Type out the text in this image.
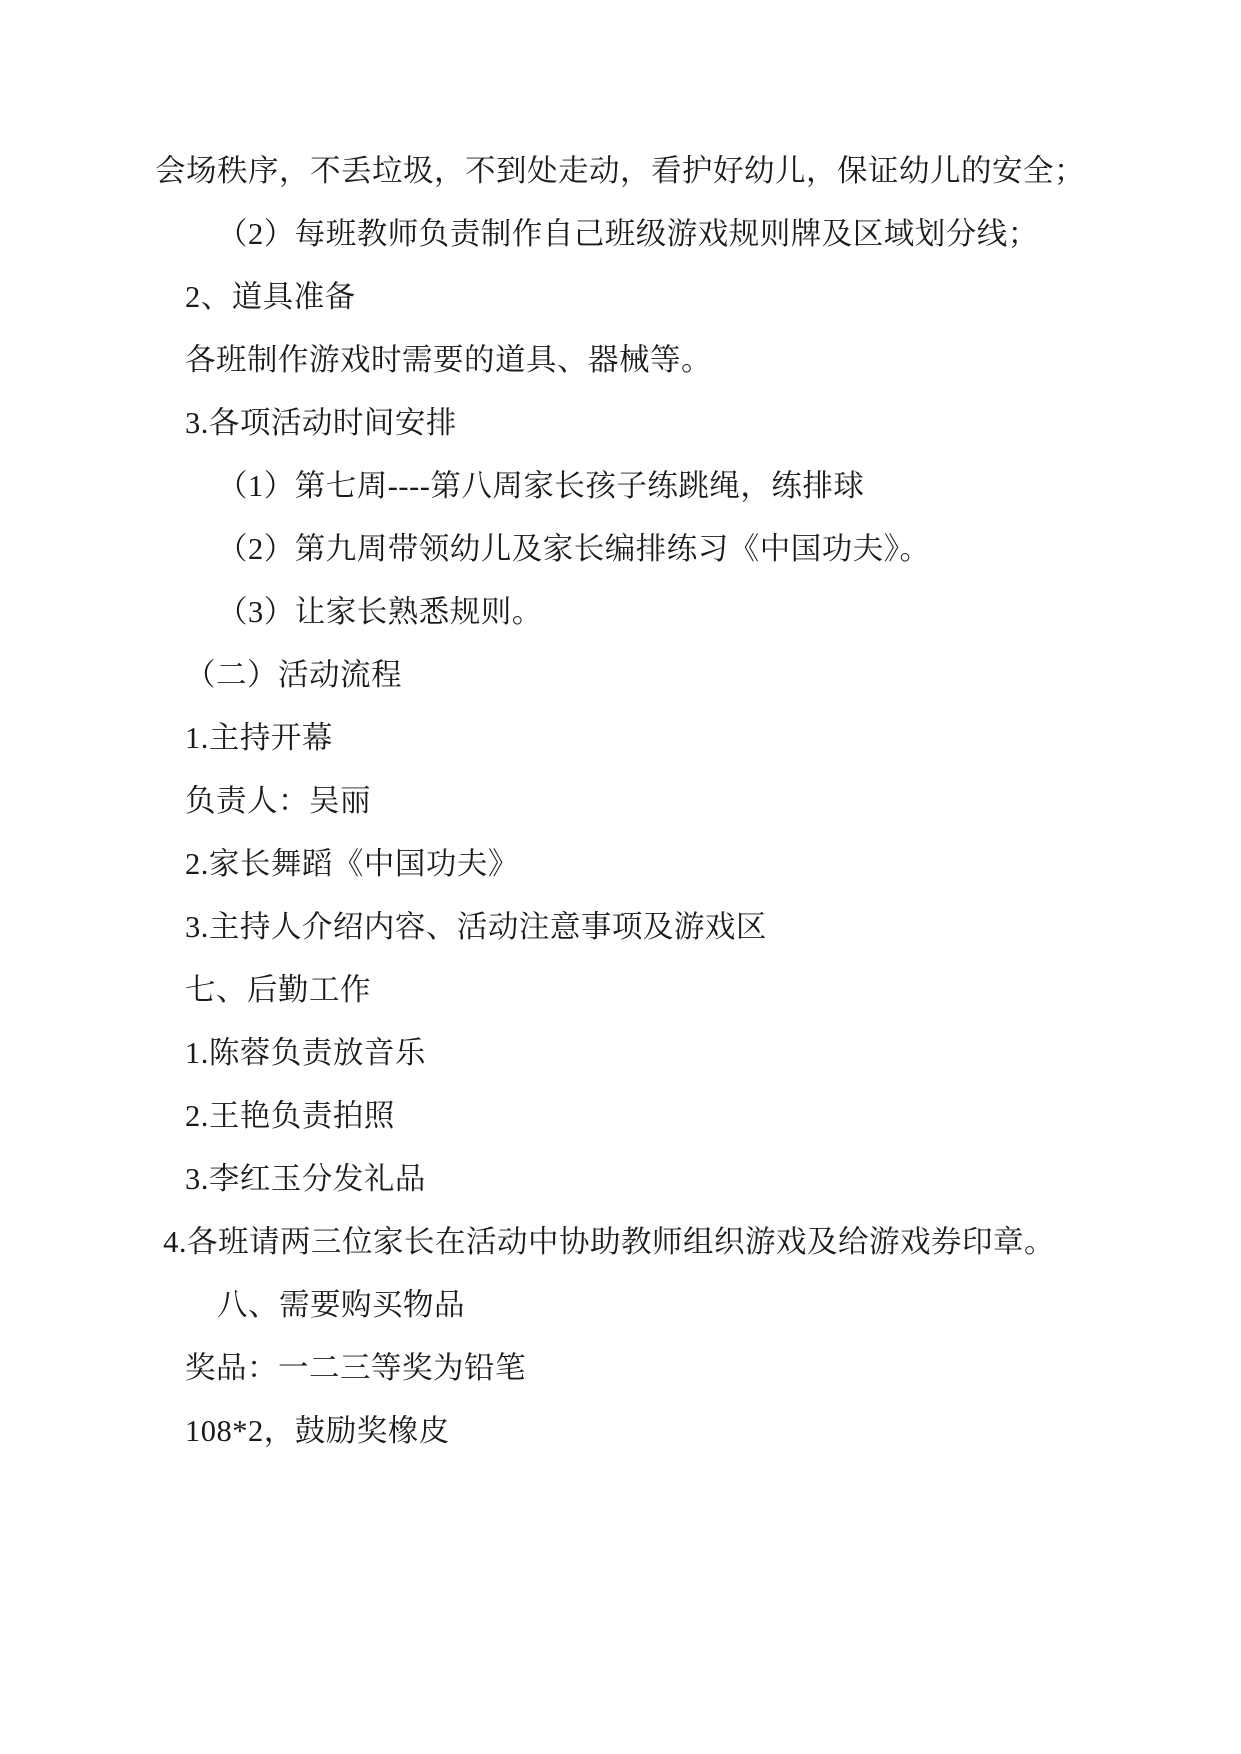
会场秩序，不丢垃圾，不到处走动，看护好幼儿，保证幼儿的安全；

（2）每班教师负责制作自己班级游戏规则牌及区域划分线；

2、道具准备

各班制作游戏时需要的道具、器械等。

3.各项活动时间安排

（1）第七周----第八周家长孩子练跳绳，练排球

（2）第九周带领幼儿及家长编排练习《中国功夫》。

（3）让家长熟悉规则。

（二）活动流程

1.主持开幕

负责人：吴丽

2.家长舞蹈《中国功夫》

3.主持人介绍内容、活动注意事项及游戏区

七、后勤工作

1.陈蓉负责放音乐

2.王艳负责拍照

3.李红玉分发礼品

4.各班请两三位家长在活动中协助教师组织游戏及给游戏券印章。

八、需要购买物品

奖品：一二三等奖为铅笔

108*2，鼓励奖橡皮
